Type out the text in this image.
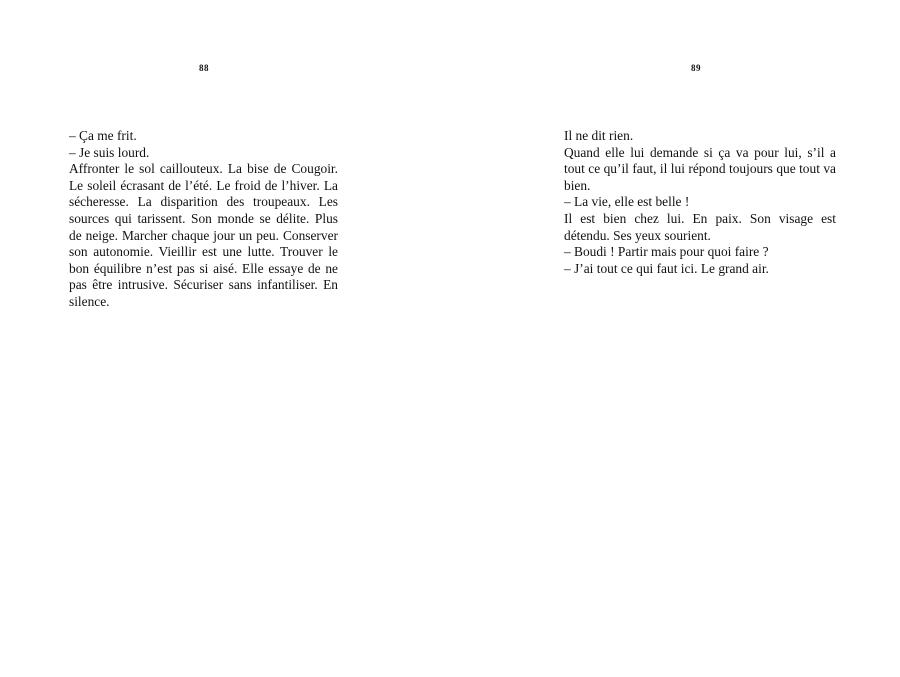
88
– Ça me frit.
– Je suis lourd.
Affronter le sol caillouteux. La bise de Cougoir. Le soleil écrasant de l’été. Le froid de l’hiver. La sécheresse. La disparition des troupeaux. Les sources qui tarissent. Son monde se délite. Plus de neige. Marcher chaque jour un peu. Conserver son autonomie. Vieillir est une lutte. Trouver le bon équilibre n’est pas si aisé. Elle essaye de ne pas être intrusive. Sécuriser sans infantiliser. En silence.
89
Il ne dit rien.
Quand elle lui demande si ça va pour lui, s’il a tout ce qu’il faut, il lui répond toujours que tout va bien.
– La vie, elle est belle !
Il est bien chez lui. En paix. Son visage est détendu. Ses yeux sourient.
– Boudi ! Partir mais pour quoi faire ?
– J’ai tout ce qui faut ici. Le grand air.
